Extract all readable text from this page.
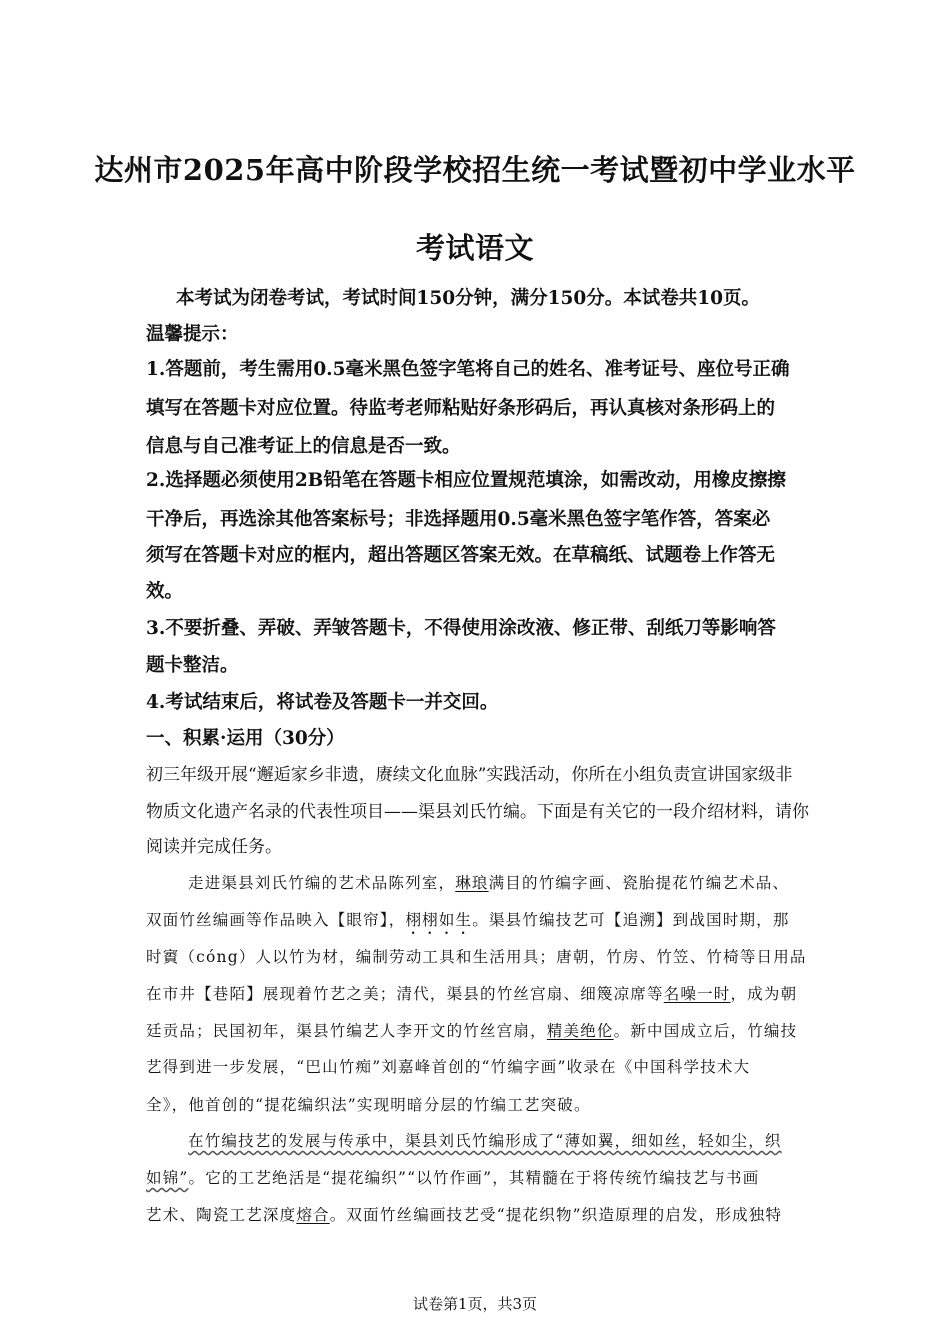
达州市2025年高中阶段学校招生统一考试暨初中学业水平
考试语文
本考试为闭卷考试，考试时间150分钟，满分150分。本试卷共10页。
温馨提示：
1.答题前，考生需用0.5毫米黑色签字笔将自己的姓名、准考证号、座位号正确
填写在答题卡对应位置。待监考老师粘贴好条形码后，再认真核对条形码上的
信息与自己准考证上的信息是否一致。
2.选择题必须使用2B铅笔在答题卡相应位置规范填涂，如需改动，用橡皮擦擦
干净后，再选涂其他答案标号；非选择题用0.5毫米黑色签字笔作答，答案必
须写在答题卡对应的框内，超出答题区答案无效。在草稿纸、试题卷上作答无
效。
3.不要折叠、弄破、弄皱答题卡，不得使用涂改液、修正带、刮纸刀等影响答
题卡整洁。
4.考试结束后，将试卷及答题卡一并交回。
一、积累·运用（30分）
初三年级开展“邂逅家乡非遗，赓续文化血脉”实践活动，你所在小组负责宣讲国家级非
物质文化遗产名录的代表性项目——渠县刘氏竹编。下面是有关它的一段介绍材料，请你
阅读并完成任务。
走进渠县刘氏竹编的艺术品陈列室，琳琅满目的竹编字画、瓷胎提花竹编艺术品、
双面竹丝编画等作品映入【眼帘】，栩栩如生。渠县竹编技艺可【追溯】到战国时期，那
时賨（cóng）人以竹为材，编制劳动工具和生活用具；唐朝，竹房、竹笠、竹椅等日用品
在市井【巷陌】展现着竹艺之美；清代，渠县的竹丝宫扇、细篾凉席等名噪一时，成为朝
廷贡品；民国初年，渠县竹编艺人李开文的竹丝宫扇，精美绝伦。新中国成立后，竹编技
艺得到进一步发展，“巴山竹痴”刘嘉峰首创的“竹编字画”收录在《中国科学技术大
全》，他首创的“提花编织法”实现明暗分层的竹编工艺突破。
在竹编技艺的发展与传承中，渠县刘氏竹编形成了“薄如翼，细如丝，轻如尘，织
如锦”。它的工艺绝活是“提花编织”“以竹作画”，其精髓在于将传统竹编技艺与书画
艺术、陶瓷工艺深度熔合。双面竹丝编画技艺受“提花织物”织造原理的启发，形成独特
试卷第1页，共3页
